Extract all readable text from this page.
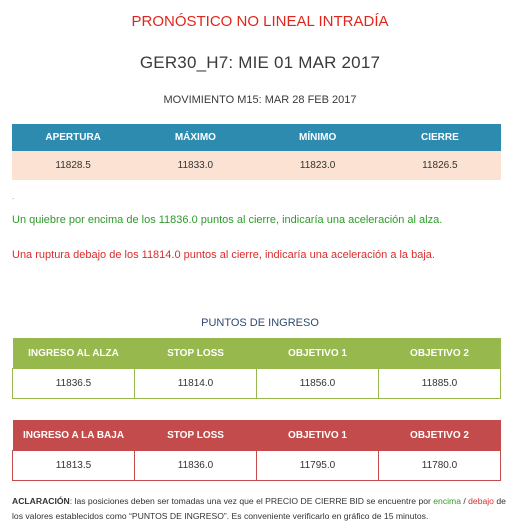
PRONÓSTICO NO LINEAL INTRADÍA
GER30_H7: MIE 01 MAR 2017
MOVIMIENTO M15: MAR 28 FEB 2017
APERTURA	MÁXIMO	MÍNIMO	CIERRE
11828.5	11833.0	11823.0	11826.5
.
Un quiebre por encima de los 11836.0 puntos al cierre, indicaría una aceleración al alza.
Una ruptura debajo de los 11814.0 puntos al cierre, indicaría una aceleración a la baja.
PUNTOS DE INGRESO
INGRESO AL ALZA	STOP LOSS	OBJETIVO 1	OBJETIVO 2
11836.5	11814.0	11856.0	11885.0
INGRESO A LA BAJA	STOP LOSS	OBJETIVO 1	OBJETIVO 2
11813.5	11836.0	11795.0	11780.0
ACLARACIÓN: las posiciones deben ser tomadas una vez que el PRECIO DE CIERRE BID se encuentre por encima / debajo de los valores establecidos como “PUNTOS DE INGRESO”. Es conveniente verificarlo en gráfico de 15 minutos.
